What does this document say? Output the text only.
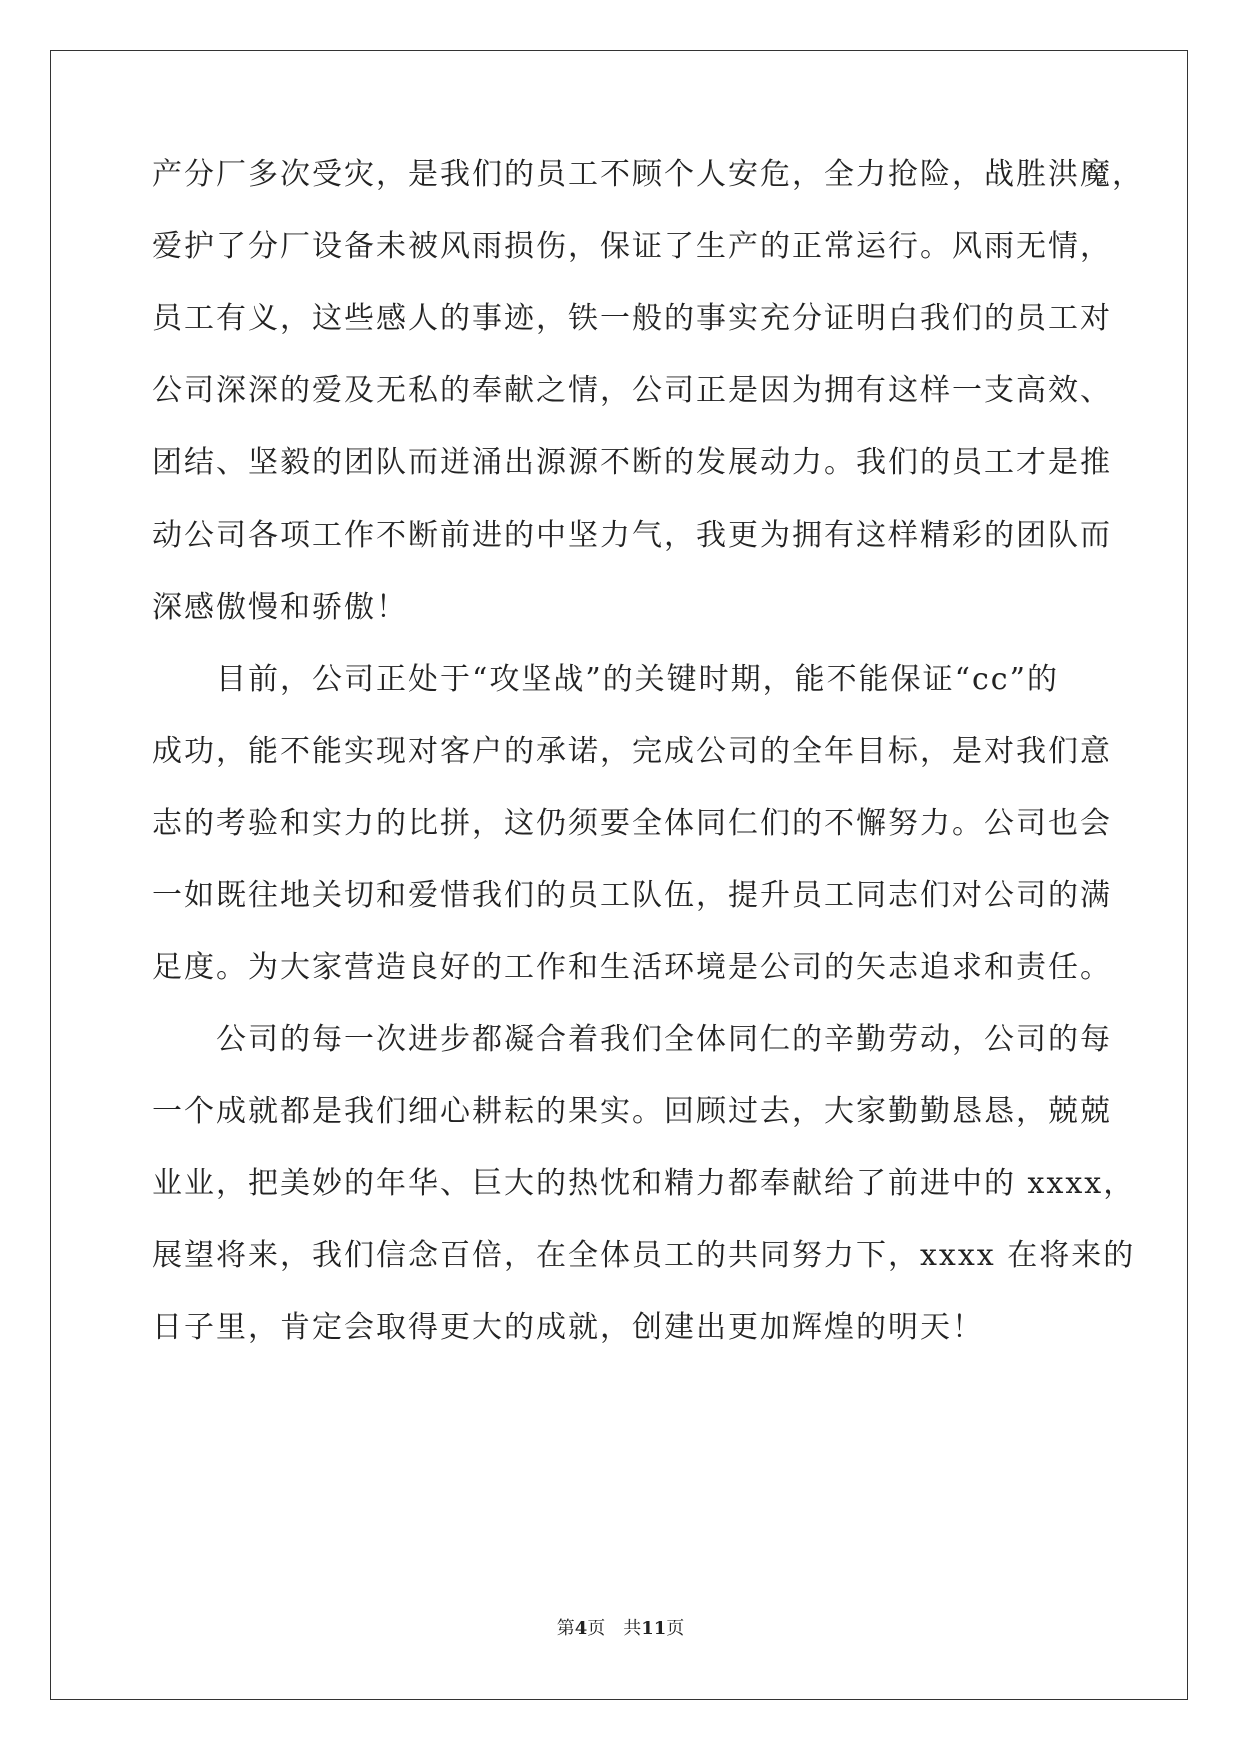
产分厂多次受灾，是我们的员工不顾个人安危，全力抢险，战胜洪魔，
爱护了分厂设备未被风雨损伤，保证了生产的正常运行。风雨无情，
员工有义，这些感人的事迹，铁一般的事实充分证明白我们的员工对
公司深深的爱及无私的奉献之情，公司正是因为拥有这样一支高效、
团结、坚毅的团队而迸涌出源源不断的发展动力。我们的员工才是推
动公司各项工作不断前进的中坚力气，我更为拥有这样精彩的团队而
深感傲慢和骄傲！
　　目前，公司正处于“攻坚战”的关键时期，能不能保证“cc”的
成功，能不能实现对客户的承诺，完成公司的全年目标，是对我们意
志的考验和实力的比拼，这仍须要全体同仁们的不懈努力。公司也会
一如既往地关切和爱惜我们的员工队伍，提升员工同志们对公司的满
足度。为大家营造良好的工作和生活环境是公司的矢志追求和责任。
　　公司的每一次进步都凝合着我们全体同仁的辛勤劳动，公司的每
一个成就都是我们细心耕耘的果实。回顾过去，大家勤勤恳恳，兢兢
业业，把美妙的年华、巨大的热忱和精力都奉献给了前进中的 xxxx，
展望将来，我们信念百倍，在全体员工的共同努力下，xxxx 在将来的
日子里，肯定会取得更大的成就，创建出更加辉煌的明天！
第4页　共11页
